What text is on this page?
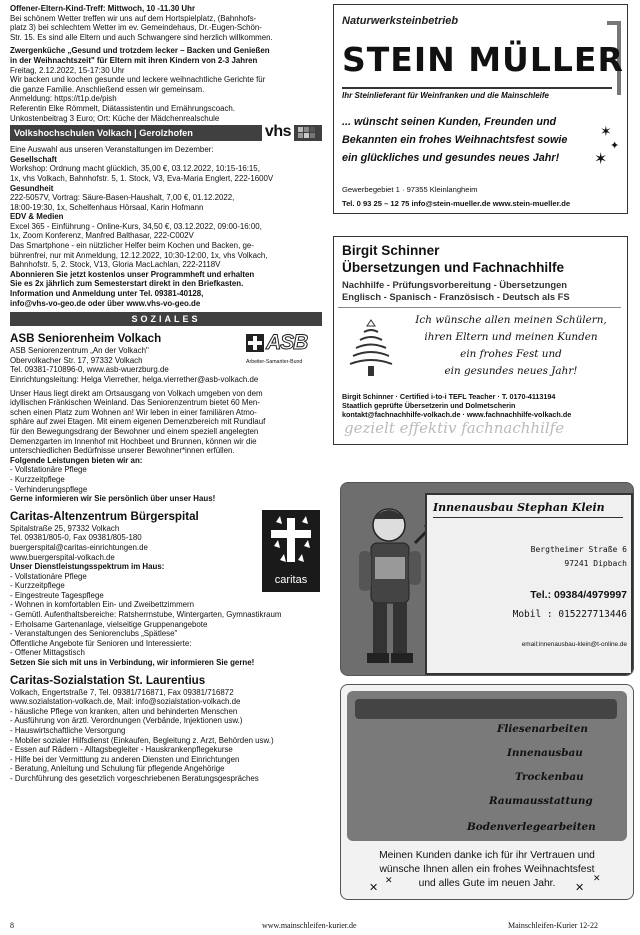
Offener-Eltern-Kind-Treff: Mittwoch, 10 -11.30 Uhr
Bei schönem Wetter treffen wir uns auf dem Hortspielplatz, (Bahnhofs-
platz 3) bei schlechtem Wetter im ev. Gemeindehaus, Dr.-Eugen-Schön-
Str. 15. Es sind alle Eltern und auch Schwangere sind herzlich willkommen.
Zwergenküche „Gesund und trotzdem lecker – Backen und Genießen
in der Weihnachtszeit" für Eltern mit ihren Kindern von 2-3 Jahren
Freitag, 2.12.2022, 15-17:30 Uhr
Wir backen und kochen gesunde und leckere weihnachtliche Gerichte für
die ganze Familie. Anschließend essen wir gemeinsam.
Anmeldung: https://t1p.de/pish
Referentin Elke Römmelt, Diätassistentin und Ernährungscoach.
Unkostenbeitrag 3 Euro; Ort: Küche der Mädchenrealschule
Volkshochschulen Volkach | Gerolzhofen	vhs
Eine Auswahl aus unseren Veranstaltungen im Dezember:
Gesellschaft
Workshop: Ordnung macht glücklich, 35,00 €, 03.12.2022, 10:15-16:15,
1x, vhs Volkach, Bahnhofstr. 5, 1. Stock, V3, Eva-Maria Englert, 222-1600V
Gesundheit
222-5057V, Vortrag: Säure-Basen-Haushalt, 7,00 €, 01.12.2022,
18:00-19:30, 1x, Schelfenhaus Hörsaal, Karin Hofmann
EDV & Medien
Excel 365 - Einführung - Online-Kurs, 34,50 €, 03.12.2022, 09:00-16:00,
1x, Zoom Konferenz, Manfred Balthasar, 222-C002V
Das Smartphone - ein nützlicher Helfer beim Kochen und Backen, ge-
bührenfrei, nur mit Anmeldung, 12.12.2022, 10:30-12:00, 1x, vhs Volkach,
Bahnhofstr. 5, 2. Stock, V13, Gloria MacLachlan, 222-2118V
Abonnieren Sie jetzt kostenlos unser Programmheft und erhalten
Sie es 2x jährlich zum Semesterstart direkt in den Briefkasten.
Information und Anmeldung unter Tel. 09381-40128,
info@vhs-vo-geo.de oder über www.vhs-vo-geo.de
SOZIALES
ASB Seniorenheim Volkach	ASB
Arbeiter-Samariter-Bund
ASB Seniorenzentrum „An der Volkach"
Obervolkacher Str. 17, 97332 Volkach
Tel. 09381-710896-0, www.asb-wuerzburg.de
Einrichtungsleitung: Helga Vierrether, helga.vierrether@asb-volkach.de
Unser Haus liegt direkt am Ortsausgang von Volkach umgeben von dem
idyllischen Fränkischen Weinland. Das Seniorenzentrum bietet 60 Men-
schen einen Platz zum Wohnen an! Wir leben in einer familiären Atmo-
sphäre auf zwei Etagen. Mit einem eigenen Demenzbereich mit Rundlauf
für den Bewegungsdrang der Bewohner und einem speziell angelegten
Demenzgarten im Innenhof mit Hochbeet und Brunnen, können wir die
unterschiedlichen Bedürfnisse unserer Bewohner*innen erfüllen.
Folgende Leistungen bieten wir an:
- Vollstationäre Pflege
- Kurzzeitpflege
- Verhinderungspflege
Gerne informieren wir Sie persönlich über unser Haus!
Caritas-Altenzentrum Bürgerspital
caritas
Spitalstraße 25, 97332 Volkach
Tel. 09381/805-0, Fax 09381/805-180
buergerspital@caritas-einrichtungen.de
www.buergerspital-volkach.de
Unser Dienstleistungsspektrum im Haus:
- Vollstationäre Pflege
- Kurzzeitpflege
- Eingestreute Tagespflege
- Wohnen in komfortablen Ein- und Zweibettzimmern
- Gemütl. Aufenthaltsbereiche: Ratsherrnstube, Wintergarten, Gymnastikraum
- Erholsame Gartenanlage, vielseitige Gruppenangebote
- Veranstaltungen des Seniorenclubs „Spätlese"
Öffentliche Angebote für Senioren und Interessierte:
- Offener Mittagstisch
Setzen Sie sich mit uns in Verbindung, wir informieren Sie gerne!
Caritas-Sozialstation St. Laurentius
Volkach, Engertstraße 7, Tel. 09381/716871, Fax 09381/716872
www.sozialstation-volkach.de, Mail: info@sozialstation-volkach.de
- häusliche Pflege von kranken, alten und behinderten Menschen
- Ausführung von ärztl. Verordnungen (Verbände, Injektionen usw.)
- Hauswirtschaftliche Versorgung
- Mobiler sozialer Hilfsdienst (Einkaufen, Begleitung z. Arzt, Behörden usw.)
- Essen auf Rädern - Alltagsbegleiter - Hauskrankenpflegekurse
- Hilfe bei der Vermittlung zu anderen Diensten und Einrichtungen
- Beratung, Anleitung und Schulung für pflegende Angehörige
- Durchführung des gesetzlich vorgeschriebenen Beratungsgespräches
Naturwerksteinbetrieb
STEIN MÜLLER
Ihr Steinlieferant für Weinfranken und die Mainschleife
... wünscht seinen Kunden, Freunden und
Bekannten ein frohes Weihnachtsfest sowie
ein glückliches und gesundes neues Jahr!
✶
✦
✶
Gewerbegebiet 1 · 97355 Kleinlangheim
Tel. 0 93 25 – 12 75 info@stein-mueller.de www.stein-mueller.de
Birgit Schinner
Übersetzungen und Fachnachhilfe
Nachhilfe - Prüfungsvorbereitung - Übersetzungen
Englisch - Spanisch - Französisch - Deutsch als FS
Ich wünsche allen meinen Schülern,
ihren Eltern und meinen Kunden
ein frohes Fest und
ein gesundes neues Jahr!
Birgit Schinner · Certified i-to-i TEFL Teacher · T. 0170-4113194
Staatlich geprüfte Übersetzerin und Dolmetscherin
kontakt@fachnachhilfe-volkach.de · www.fachnachhilfe-volkach.de
gezielt effektiv fachnachhilfe
Innenausbau Stephan Klein
Bergtheimer Straße 6
97241 Dipbach
Tel.: 09384/4979997
Mobil : 015227713446
email:innenausbau-klein@t-online.de
Fliesenarbeiten
Innenausbau
Trockenbau
Raumausstattung
Bodenverlegearbeiten
Meinen Kunden danke ich für ihr Vertrauen und
wünsche Ihnen allen ein frohes Weihnachtsfest
und alles Gute im neuen Jahr.
✕
✕
✕
✕
8	www.mainschleifen-kurier.de	Mainschleifen-Kurier 12-22
